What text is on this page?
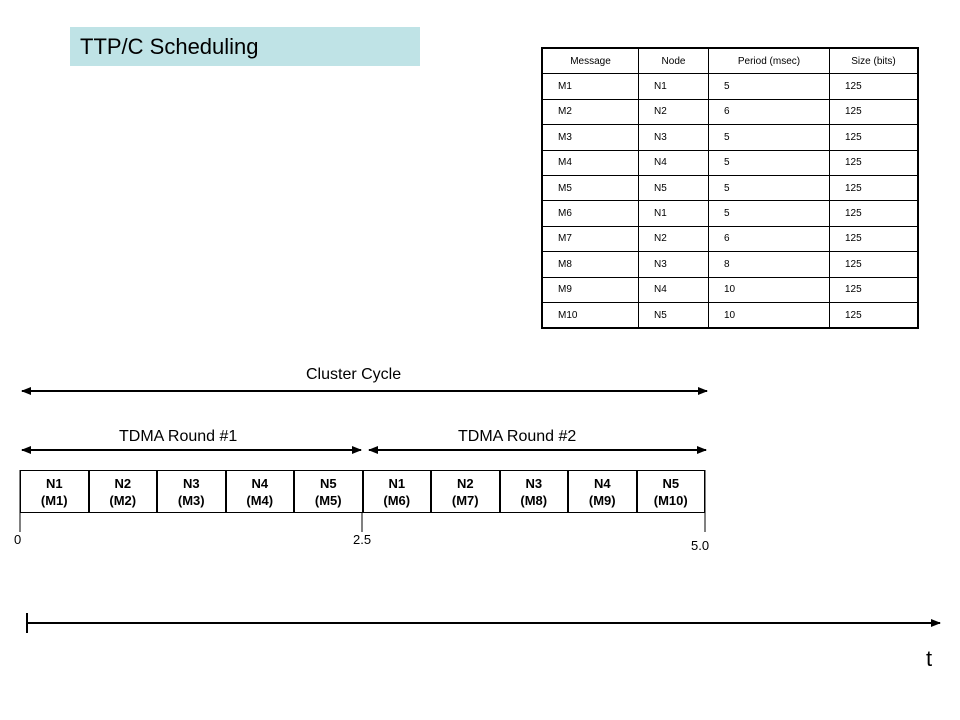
TTP/C Scheduling
Message	Node	Period (msec)	Size (bits)
M1	N1	5	125
M2	N2	6	125
M3	N3	5	125
M4	N4	5	125
M5	N5	5	125
M6	N1	5	125
M7	N2	6	125
M8	N3	8	125
M9	N4	10	125
M10	N5	10	125
Cluster Cycle
TDMA Round #1	TDMA Round #2
N1
(M1)
N2
(M2)
N3
(M3)
N4
(M4)
N5
(M5)
N1
(M6)
N2
(M7)
N3
(M8)
N4
(M9)
N5
(M10)
0	2.5	5.0
t
